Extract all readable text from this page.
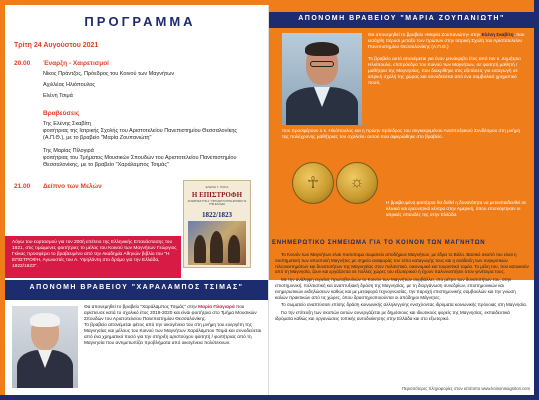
ΠΡΟΓΡΑΜΜΑ
Τρίτη 24 Αυγούστου 2021
20.00 Έναρξη - Χαιρετισμοί
Νίκος Πράντζος, Πρόεδρος του Κοινού των Μαγνήτων
Αχιλλέας Ηλιόπουλος
Ελένη Τσιμά
Βραβεύσεις
Της Ελένης Σκαβίτη
φοιτήτριας της Ιατρικής Σχολής του Αριστοτελείου Πανεπιστημίου Θεσσαλονίκης
(Α.Π.Θ.), με το βραβείο "Μαρία Ζουπανιώτη"
Της Μαρίας Πίλογιρά
φοιτήτριας του Τμήματος Μουσικών Σπουδών του Αριστοτελείου Πανεπιστημίου
Θεσσαλονίκης, με το βραβείο "Χαράλαμπος Τσιμάς"
21.00 Δείπνο των Μελών	ΕΛΕΝΗ Γ. ΓΚΙΚΑ
Η ΕΠΙΣΤΡΟΦΗ
ΑΓΩΝΙΣΤΕΣ ΤΗΣ Α. ΥΨΗΛΑΝΤΗ ΣΤΟΝ ΔΡΟΜΟ ΓΙΑ ΤΗΝ ΕΛΛΑΔΑ
1822/1823
Λόγω του εορτασμού για τον 200ή επέτειο της Ελληνικής Επανάστασης του 1821, στις τιμώμενες φοιτήτριες το μέλος του Κοινού των Μαγνήτων Γεώργιος Γκίκας προσφέρει το βραβευμένο από την Ακαδημία Αθηνών βιβλίο του "Η ΕΠΙΣΤΡΟΦΗ, Αγωνιστές του Α. Υψηλάντη στο δρόμο για την Ελλάδα, 1822/1823".
ΑΠΟΝΟΜΗ ΒΡΑΒΕΙΟΥ "ΧΑΡΑΛΑΜΠΟΣ ΤΣΙΜΑΣ"
Θα απονεμηθεί το βραβείο "Χαράλαμπος Τσιμάς" στην Μαρία Πλαγιαρά που αρίστευσε κατά το σχολικό έτος 2019-2020 και είναι φοιτήτρια στο Τμήμα Μουσικών Σπουδών του Αριστοτελείου Πανεπιστημίου Θεσσαλονίκης.
Το βραβείο απονέμεται φέτος από την οικογένεια του στη μνήμη του ευεργέτη της Μαγνησίας και μέλους του Κοινού των Μαγνήτων Χαράλαμπου Τσιμά και συνοδεύεται από ένα χρηματικό ποσό για την στήριξη αριστούχου φοιτητή / φοιτήτριας από τη Μαγνησία που αντιμετωπίζει προβλήματα από οικογένεια πολύτεκνων.
ΑΠΟΝΟΜΗ ΒΡΑΒΕΙΟΥ "ΜΑΡΙΑ ΖΟΥΠΑΝΙΩΤΗ"
Θα απονεμηθεί το βραβείο «Μαρία Ζουπανιώτη» στην Ελένη Σκαβίτη, που εισάχθη πέρυσι μεταξύ των πρώτων στην Ιατρική Σχολή του Αριστοτελείου Πανεπιστημίου Θεσσαλονίκης (Α.Π.Θ.)

Το βραβείο αυτό απονέμεται για έναν μονάκριβο έτος από τον κ. Δημήτριο Ηλιόπουλο, επιπρόεδρο του Κοινού των Μαγνήτων, σε φοιτητή μαθητή / μαθήτρια της Μαγνησίας, που διακρίθηκε στις εξετάσεις για εισαγωγή σε ιατρική σχολή της χώρας και συνοδεύεται από ένα συμβολικό χρηματικό ποσό,
που προσφέρουν ο κ. Ηλιόπουλος και η πρώην πρόεδρος του συγκεκριμένου Αναπτυξιακού Συνδέσμου στη μνήμη της πολύχρονης μαθήτριας του σχολείου αυτού που αφιερώθηκε στο βραβείο.
☥	☼
Η βραβευμένη φοιτήτρια θα δοθεί η δυνατότητα να μετεκπαιδευθεί σε κλινικά και ερευνητικά κέντρα στην Αμερική, όπου επισκέφτηκαν οι ιατρικές σπουδές της στην Ελλάδα.
ΕΝΗΜΕΡΩΤΙΚΟ ΣΗΜΕΙΩΜΑ ΓΙΑ ΤΟ ΚΟΙΝΟΝ ΤΩΝ ΜΑΓΝΗΤΩΝ

Το Κοινόν των Μαγνήτων είναι ποσυπομα σωματείο αποδήμων Μαγνήτων, με έδρα το Βόλο. Βασικό σκοπό του είναι η συστηματική των αποστολή Μαγνήτες με σημείο αναφοράς τον τόπο καταγωγής τους και η ανάδειξη των συγκριτικών πλεονεκτημάτων και δυνατοτήτων της Μαγνησίας στον πολιτιστικό, οικονομικό και τουριστικό τομέα. Το μέλη του, που κατοικούν από τη Μαγνησία, ζουν και εργάζονται σε πολλές χώρες του εξωτερικού ή έχουν παλιννοστήσει στον γενέτειρα τους.

Με την ανάληψη ευρείας πρωτοβουλιών το Κοινόν των Μαγνήτων συμβάλλει, στο μέτρο των δυνατοτήτων του, στην επιστημονική, πολιτιστική και αναπτυξιακή δράση της Μαγνησίας, με τη διοργάνωση συνεδρίων, επιστημονικών και ενημερωτικών εκδηλώσεων καθώς και με μεταφορά τεχνογνωσίας, την παροχή επιστημονικής συμβουλών και την γνώση καλών πρακτικών από τις χώρες, όπου δραστηριοποιούνται οι απόδημοι Μάγνητες.

Το σωματείο αναπτύσσει επίσης δράση κοινωνικής αλληλεγγύης ενισχύοντας ιδρύματα κοινωνικής πρόνοιας στη Μαγνησία.

Για την επίτευξη των σκοπών αυτών συνεργάζεται με δημόσιους και ιδιωτικούς φορείς της Μαγνησίας, εκπαιδευτικά ιδρύματα καθώς και οργανώσεις τοπικής αυτοδιοίκησης στην Ελλάδα και στο εξωτερικό.

Περισσότερες πληροφορίες στον ιστότοπο www.koinonmagniton.com
